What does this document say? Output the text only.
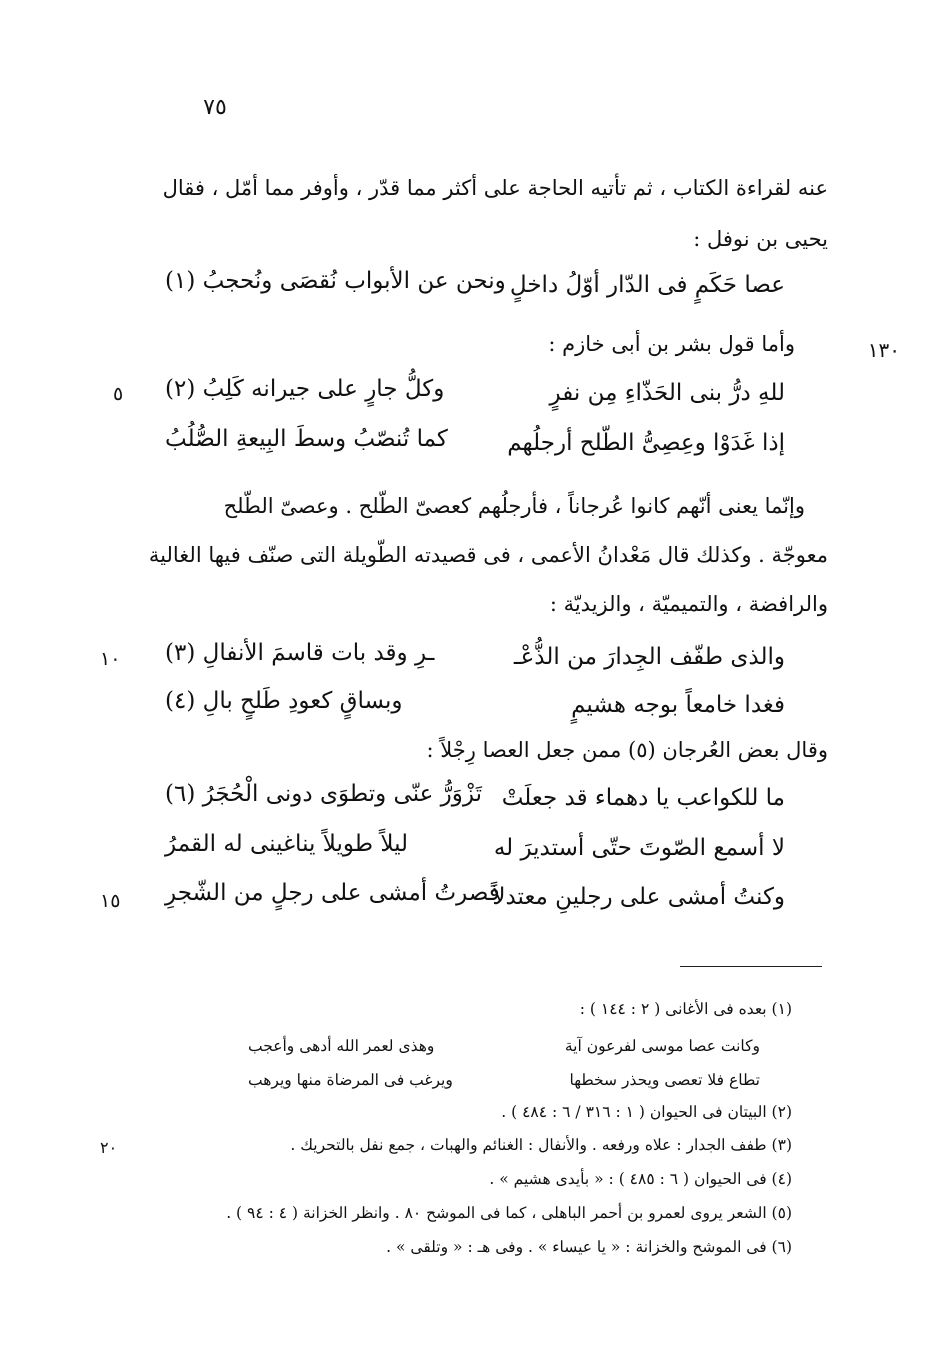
٧٥
عنه لقراءة الكتاب ، ثم تأتيه الحاجة على أكثر مما قدّر ، وأوفر مما أمّل ، فقال
يحيى بن نوفل :
عصا حَكَمٍ فى الدّار أوّلُ داخلٍ
ونحن عن الأبواب نُقصَى ونُحجبُ (١)
وأما قول بشر بن أبى خازم :	١٣٠
للهِ درُّ بنى الحَذّاءِ مِن نفرٍ
وكلُّ جارٍ على جيرانه كَلِبُ (٢)
٥
إذا غَدَوْا وعِصِىُّ الطّلح أرجلُهم
كما تُنصّبُ وسطَ البِيعةِ الصُّلُبُ
وإنّما يعنى أنّهم كانوا عُرجاناً ، فأرجلُهم كعصىّ الطّلح . وعصىّ الطّلح
معوجّة . وكذلك قال مَعْدانُ الأعمى ، فى قصيدته الطّويلة التى صنّف فيها الغالية
والرافضة ، والتميميّة ، والزيديّة :
والذى طفّف الجِدارَ من الذُّعْـ
ـرِ وقد بات قاسمَ الأنفالِ (٣)
١٠
فغدا خامعاً بوجه هشيمٍ
وبساقٍ كعودِ طَلحٍ بالِ (٤)
وقال بعض العُرجان (٥) ممن جعل العصا رِجْلاً :
ما للكواعب يا دهماء قد جعلَتْ
تَزْوَرُّ عنّى وتطوَى دونى الْحُجَرُ (٦)
لا أسمع الصّوتَ حتّى أستديرَ له
ليلاً طويلاً يناغينى له القمرُ
وكنتُ أمشى على رجلينِ معتدلاً
فصرتُ أمشى على رجلٍ من الشّجرِ
١٥
(١) بعده فى الأغانى ( ٢ : ١٤٤ ) :
وكانت عصا موسى لفرعون آية
وهذى لعمر الله أدهى وأعجب
تطاع فلا تعصى ويحذر سخطها
ويرغب فى المرضاة منها ويرهب
(٢) البيتان فى الحيوان ( ١ : ٣١٦ / ٦ : ٤٨٤ ) .
(٣) طفف الجدار : علاه ورفعه . والأنفال : الغنائم والهبات ، جمع نفل بالتحريك .
٢٠
(٤) فى الحيوان ( ٦ : ٤٨٥ ) : « بأيدى هشيم » .
(٥) الشعر يروى لعمرو بن أحمر الباهلى ، كما فى الموشح ٨٠ . وانظر الخزانة ( ٤ : ٩٤ ) .
(٦) فى الموشح والخزانة : « يا عيساء » . وفى هـ : « وتلقى » .
